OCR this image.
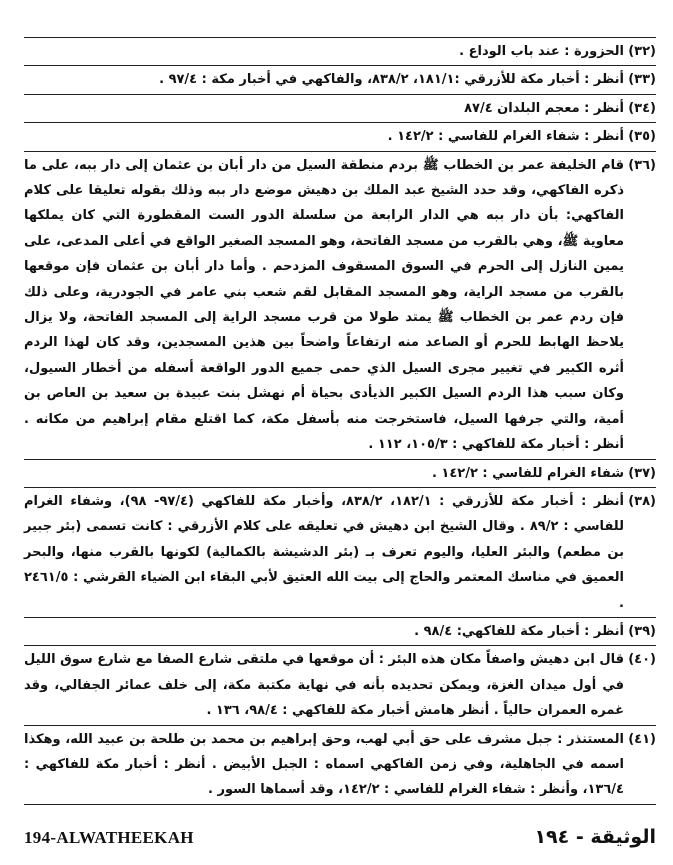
(٣٢)
الحزورة : عند باب الوداع .
(٣٣)
أنظر : أخبار مكة للأزرقي :١٨١/١، ٨٣٨/٢، والفاكهي في أخبار مكة : ٩٧/٤ .
(٣٤)
أنظر : معجم البلدان ٨٧/٤
(٣٥)
أنظر : شفاء الغرام للفاسي : ١٤٢/٢ .
(٣٦)
قام الخليفة عمر بن الخطاب ﷺ بردم منطقة السيل من دار أبان بن عثمان إلى دار ببه، على ما ذكره الفاكهي، وقد حدد الشيخ عبد الملك بن دهيش موضع دار ببه وذلك بقوله تعليقا على كلام الفاكهي: بأن دار ببه هي الدار الرابعة من سلسلة الدور الست المقطورة التي كان يملكها معاوية ﷺ، وهي بالقرب من مسجد الفاتحة، وهو المسجد الصغير الواقع في أعلى المدعى، على يمين النازل إلى الحرم في السوق المسقوف المزدحم . وأما دار أبان بن عثمان فإن موقعها بالقرب من مسجد الراية، وهو المسجد المقابل لقم شعب بني عامر في الجودرية، وعلى ذلك فإن ردم عمر بن الخطاب ﷺ يمتد طولا من قرب مسجد الراية إلى المسجد الفاتحة، ولا يزال يلاحظ الهابط للحرم أو الصاعد منه ارتفاعاً واضحاً بين هذين المسجدين، وقد كان لهذا الردم أثره الكبير في تغيير مجرى السيل الذي حمى جميع الدور الواقعة أسفله من أخطار السيول، وكان سبب هذا الردم السيل الكبير الذيأدى بحياة أم نهشل بنت عبيدة بن سعيد بن العاص بن أمية، والتي جرفها السيل، فاستخرجت منه بأسفل مكة، كما اقتلع مقام إبراهيم من مكانه . أنظر : أخبار مكة للفاكهي : ١٠٥/٣، ١١٢ .
(٣٧)
شفاء الغرام للفاسي : ١٤٢/٢ .
(٣٨)
أنظر : أخبار مكة للأزرقي : ١٨٢/١، ٨٣٨/٢، وأخبار مكة للفاكهي (٩٧/٤- ٩٨)، وشفاء الغرام للفاسي : ٨٩/٢ . وقال الشيخ ابن دهيش في تعليقه على كلام الأزرقي : كانت تسمى (بئر جبير بن مطعم) والبئر العليا، واليوم تعرف بـ (بئر الدشيشة بالكمالية) لكونها بالقرب منها، والبحر العميق في مناسك المعتمر والحاج إلى بيت الله العتيق لأبي البقاء ابن الضياء القرشي : ٢٤٦١/٥ .
(٣٩)
أنظر : أخبار مكة للفاكهي: ٩٨/٤ .
(٤٠)
قال ابن دهيش واصفاً مكان هذه البئر : أن موقعها في ملتقى شارع الصفا مع شارع سوق الليل في أول ميدان الغزة، ويمكن تحديده بأنه في نهاية مكتبة مكة، إلى خلف عمائر الجفالي، وقد غمره العمران حالياً . أنظر هامش أخبار مكة للفاكهي : ٩٨/٤، ١٣٦ .
(٤١)
المستنذر : جبل مشرف على حق أبي لهب، وحق إبراهيم بن محمد بن طلحة بن عبيد الله، وهكذا اسمه في الجاهلية، وفي زمن الفاكهي اسماه : الجبل الأبيض . أنظر : أخبار مكة للفاكهي : ١٣٦/٤، وأنظر : شفاء الغرام للفاسي : ١٤٢/٢، وقد أسماها السور .
194-ALWATHEEKAH	الوثيقة - ١٩٤
